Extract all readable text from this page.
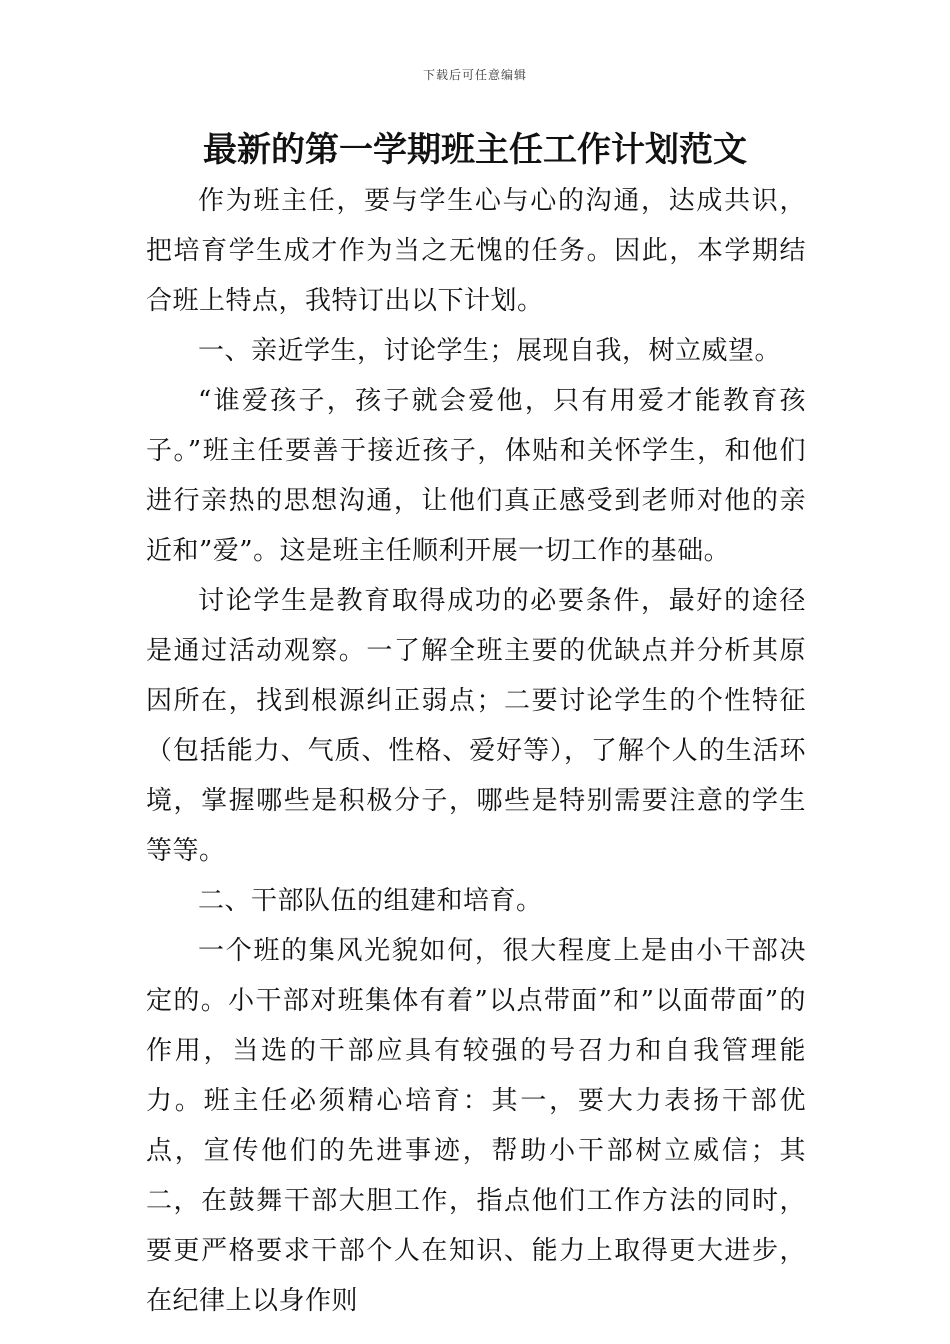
下载后可任意编辑
最新的第一学期班主任工作计划范文

作为班主任，要与学生心与心的沟通，达成共识，把培育学生成才作为当之无愧的任务。因此，本学期结合班上特点，我特订出以下计划。

一、亲近学生，讨论学生；展现自我，树立威望。

“谁爱孩子，孩子就会爱他，只有用爱才能教育孩子。”班主任要善于接近孩子，体贴和关怀学生，和他们进行亲热的思想沟通，让他们真正感受到老师对他的亲近和”爱”。这是班主任顺利开展一切工作的基础。

讨论学生是教育取得成功的必要条件，最好的途径是通过活动观察。一了解全班主要的优缺点并分析其原因所在，找到根源纠正弱点；二要讨论学生的个性特征（包括能力、气质、性格、爱好等），了解个人的生活环境，掌握哪些是积极分子，哪些是特别需要注意的学生等等。

二、干部队伍的组建和培育。

一个班的集风光貌如何，很大程度上是由小干部决定的。小干部对班集体有着”以点带面”和”以面带面”的作用，当选的干部应具有较强的号召力和自我管理能力。班主任必须精心培育：其一，要大力表扬干部优点，宣传他们的先进事迹，帮助小干部树立威信；其二，在鼓舞干部大胆工作，指点他们工作方法的同时，要更严格要求干部个人在知识、能力上取得更大进步，在纪律上以身作则
